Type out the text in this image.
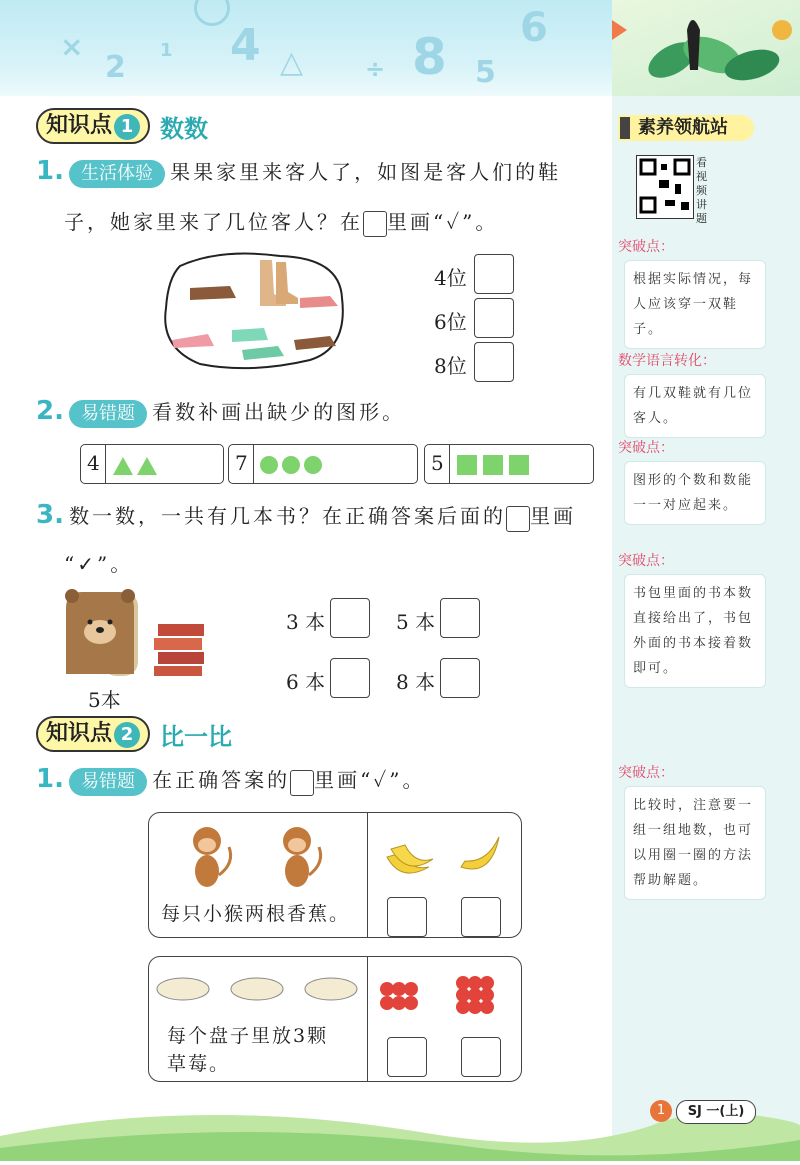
×
2 1 4 △	÷ 8 5
6
素养领航站
看视频讲题
突破点：
根据实际情况，每人应该穿一双鞋子。
数学语言转化：
有几双鞋就有几位客人。
突破点：
图形的个数和数能一一对应起来。
突破点：
书包里面的书本数直接给出了，书包外面的书本接着数即可。
突破点：
比较时，注意要一组一组地数，也可以用圈一圈的方法帮助解题。
知识点 1	数数
1. 生活体验 果果家里来客人了，如图是客人们的鞋
子，她家里来了几位客人？在 里画“✓”。
4位
6位
8位
2. 易错题 看数补画出缺少的图形。
4	7	5
3. 数一数，一共有几本书？在正确答案后面的 里画
“✓”。
5本
3 本	5 本
6 本	8 本
知识点 2	比一比
1. 易错题 在正确答案的 里画“✓”。
每只小猴两根香蕉。
每个盘子里放3颗
草莓。
1	SJ 一(上)
